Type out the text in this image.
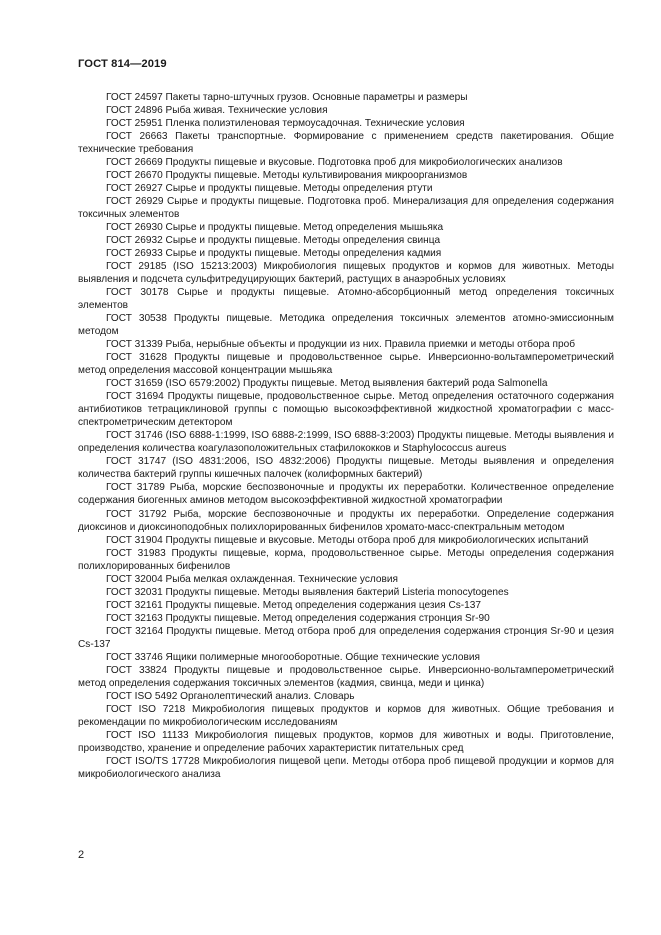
ГОСТ 814—2019

ГОСТ 24597 Пакеты тарно-штучных грузов. Основные параметры и размеры

ГОСТ 24896 Рыба живая. Технические условия

ГОСТ 25951 Пленка полиэтиленовая термоусадочная. Технические условия

ГОСТ 26663 Пакеты транспортные. Формирование с применением средств пакетирования. Общие технические требования

ГОСТ 26669 Продукты пищевые и вкусовые. Подготовка проб для микробиологических анализов

ГОСТ 26670 Продукты пищевые. Методы культивирования микроорганизмов

ГОСТ 26927 Сырье и продукты пищевые. Методы определения ртути

ГОСТ 26929 Сырье и продукты пищевые. Подготовка проб. Минерализация для определения содержания токсичных элементов

ГОСТ 26930 Сырье и продукты пищевые. Метод определения мышьяка

ГОСТ 26932 Сырье и продукты пищевые. Методы определения свинца

ГОСТ 26933 Сырье и продукты пищевые. Методы определения кадмия

ГОСТ 29185 (ISO 15213:2003) Микробиология пищевых продуктов и кормов для животных. Методы выявления и подсчета сульфитредуцирующих бактерий, растущих в анаэробных условиях

ГОСТ 30178 Сырье и продукты пищевые. Атомно-абсорбционный метод определения токсичных элементов

ГОСТ 30538 Продукты пищевые. Методика определения токсичных элементов атомно-эмиссионным методом

ГОСТ 31339 Рыба, нерыбные объекты и продукции из них. Правила приемки и методы отбора проб

ГОСТ 31628 Продукты пищевые и продовольственное сырье. Инверсионно-вольтамперометрический метод определения массовой концентрации мышьяка

ГОСТ 31659 (ISO 6579:2002) Продукты пищевые. Метод выявления бактерий рода Salmonella

ГОСТ 31694 Продукты пищевые, продовольственное сырье. Метод определения остаточного содержания антибиотиков тетрациклиновой группы с помощью высокоэффективной жидкостной хроматографии с масс-спектрометрическим детектором

ГОСТ 31746 (ISO 6888-1:1999, ISO 6888-2:1999, ISO 6888-3:2003) Продукты пищевые. Методы выявления и определения количества коагулазоположительных стафилококков и Staphylococcus aureus

ГОСТ 31747 (ISO 4831:2006, ISO 4832:2006) Продукты пищевые. Методы выявления и определения количества бактерий группы кишечных палочек (колиформных бактерий)

ГОСТ 31789 Рыба, морские беспозвоночные и продукты их переработки. Количественное определение содержания биогенных аминов методом высокоэффективной жидкостной хроматографии

ГОСТ 31792 Рыба, морские беспозвоночные и продукты их переработки. Определение содержания диоксинов и диоксиноподобных полихлорированных бифенилов хромато-масс-спектральным методом

ГОСТ 31904 Продукты пищевые и вкусовые. Методы отбора проб для микробиологических испытаний

ГОСТ 31983 Продукты пищевые, корма, продовольственное сырье. Методы определения содержания полихлорированных бифенилов

ГОСТ 32004 Рыба мелкая охлажденная. Технические условия

ГОСТ 32031 Продукты пищевые. Методы выявления бактерий Listeria monocytogenes

ГОСТ 32161 Продукты пищевые. Метод определения содержания цезия Cs-137

ГОСТ 32163 Продукты пищевые. Метод определения содержания стронция Sr-90

ГОСТ 32164 Продукты пищевые. Метод отбора проб для определения содержания стронция Sr-90 и цезия Cs-137

ГОСТ 33746 Ящики полимерные многооборотные. Общие технические условия

ГОСТ 33824 Продукты пищевые и продовольственное сырье. Инверсионно-вольтамперометрический метод определения содержания токсичных элементов (кадмия, свинца, меди и цинка)

ГОСТ ISO 5492 Органолептический анализ. Словарь

ГОСТ ISO 7218 Микробиология пищевых продуктов и кормов для животных. Общие требования и рекомендации по микробиологическим исследованиям

ГОСТ ISO 11133 Микробиология пищевых продуктов, кормов для животных и воды. Приготовление, производство, хранение и определение рабочих характеристик питательных сред

ГОСТ ISO/TS 17728 Микробиология пищевой цепи. Методы отбора проб пищевой продукции и кормов для микробиологического анализа

2
